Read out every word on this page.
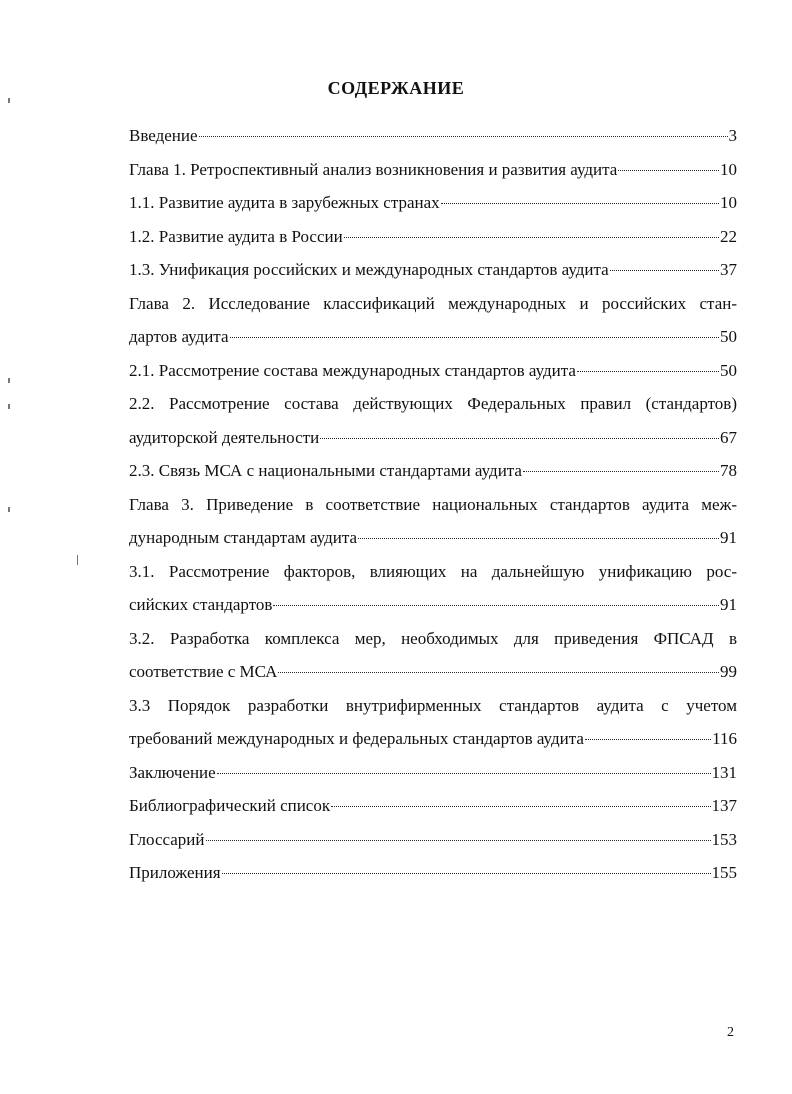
СОДЕРЖАНИЕ
Введение	3
Глава 1. Ретроспективный анализ возникновения и развития аудита	10
1.1. Развитие аудита в зарубежных странах	10
1.2. Развитие аудита в России	22
1.3. Унификация российских и международных стандартов аудита	37
Глава 2. Исследование классификаций международных и российских стан-
дартов аудита	50
2.1. Рассмотрение состава международных стандартов аудита	50
2.2. Рассмотрение состава действующих Федеральных правил (стандартов)
аудиторской деятельности	67
2.3. Связь МСА с национальными стандартами аудита	78
Глава 3. Приведение в соответствие национальных стандартов аудита меж-
дународным стандартам аудита	91
3.1. Рассмотрение факторов, влияющих на дальнейшую унификацию рос-
сийских стандартов	91
3.2. Разработка комплекса мер, необходимых для приведения ФПСАД в
соответствие с МСА	99
3.3 Порядок разработки внутрифирменных стандартов аудита с учетом
требований международных и федеральных стандартов аудита	116
Заключение	131
Библиографический список	137
Глоссарий	153
Приложения	155
2
